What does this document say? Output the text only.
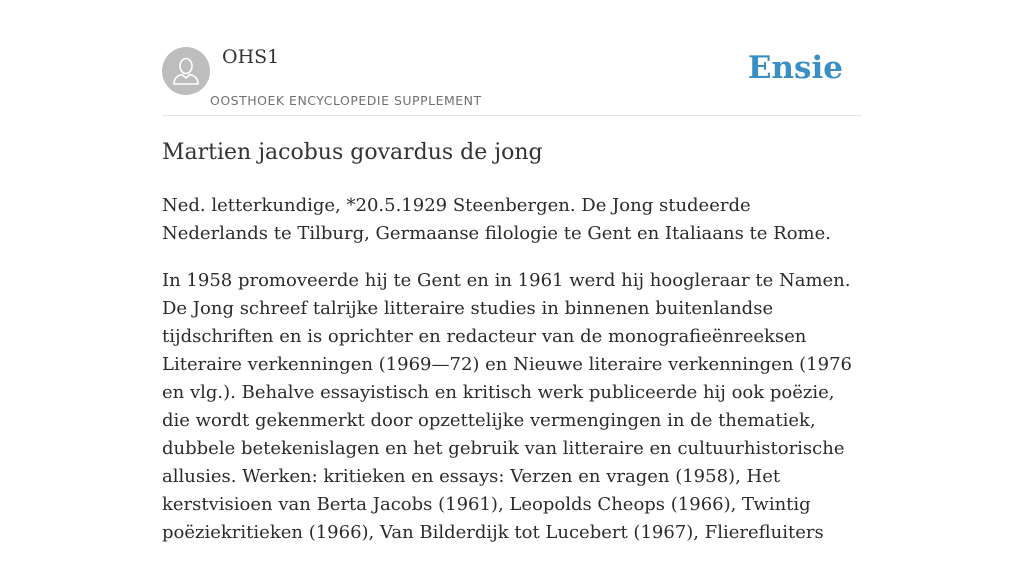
OHS1
OOSTHOEK ENCYCLOPEDIE SUPPLEMENT
Ensie
Martien jacobus govardus de jong

Ned. letterkundige, *20.5.1929 Steenbergen. De Jong studeerde Nederlands te Tilburg, Germaanse filologie te Gent en Italiaans te Rome.

In 1958 promoveerde hij te Gent en in 1961 werd hij hoogleraar te Namen. De Jong schreef talrijke litteraire studies in binnenen buitenlandse tijdschriften en is oprichter en redacteur van de monografieënreeksen Literaire verkenningen (1969—72) en Nieuwe literaire verkenningen (1976 en vlg.). Behalve essayistisch en kritisch werk publiceerde hij ook poëzie, die wordt gekenmerkt door opzettelijke vermengingen in de thematiek, dubbele betekenislagen en het gebruik van litteraire en cultuurhistorische allusies. Werken: kritieken en essays: Verzen en vragen (1958), Het kerstvisioen van Berta Jacobs (1961), Leopolds Cheops (1966), Twintig poëziekritieken (1966), Van Bilderdijk tot Lucebert (1967), Flierefluiters
